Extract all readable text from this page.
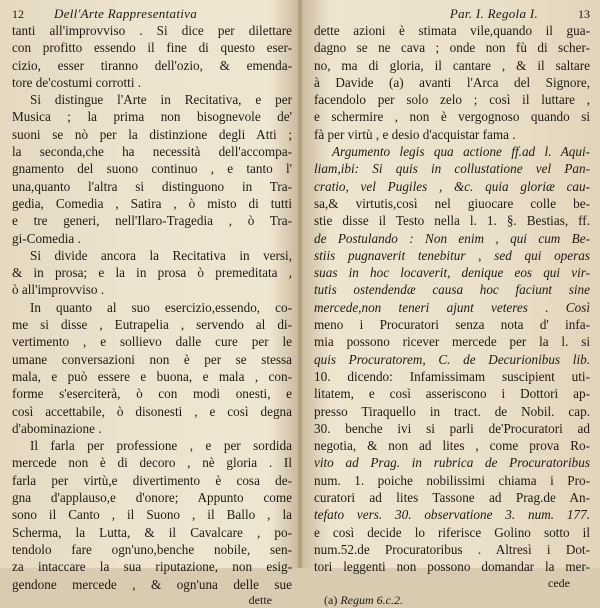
12 Dell'Arte Rappresentativa
tanti all'improvviso . Si dice per dilettare
con profitto essendo il fine di questo eser-
cizio, esser tiranno dell'ozio, & emenda-
tore de'costumi corrotti .
Si distingue l'Arte in Recitativa, e per
Musica ; la prima non bisognevole de'
suoni se nò per la distinzione degli Atti ;
la seconda,che ha necessità dell'accompa-
gnamento del suono continuo , e tanto l'
una,quanto l'altra si distinguono in Tra-
gedia, Comedia , Satira , ò misto di tutti
e tre generi, nell'Ilaro-Tragedia , ò Tra-
gi-Comedia .
Si divide ancora la Recitativa in versi,
& in prosa; e la in prosa ò premeditata ,
ò all'improvviso .
In quanto al suo esercizio,essendo, co-
me si disse , Eutrapelia , servendo al di-
vertimento , e sollievo dalle cure per le
umane conversazioni non è per se stessa
mala, e può essere e buona, e mala , con-
forme s'eserciterà, ò con modi onesti, e
così accettabile, ò disonesti , e così degna
d'abominazione .
Il farla per professione , e per sordida
mercede non è di decoro , nè gloria . Il
farla per virtù,e divertimento è cosa de-
gna d'applauso,e d'onore; Appunto come
sono il Canto , il Suono , il Ballo , la
Scherma, la Lutta, & il Cavalcare , po-
tendolo fare ogn'uno,benche nobile, sen-
za intaccare la sua riputazione, non esig-
gendone mercede , & ogn'una delle sue
dette
Par. I. Regola I.	13
dette azioni è stimata vile,quando il gua-
dagno se ne cava ; onde non fù di scher-
no, ma di gloria, il cantare , & il saltare
à Davide (a) avanti l'Arca del Signore,
facendolo per solo zelo ; così il luttare ,
e schermire , non è vergognoso quando si
fà per virtù , e desio d'acquistar fama .
Argumento legis qua actione ff.ad l. Aqui-
liam,ibi: Si quis in collustatione vel Pan-
cratio, vel Pugiles , &c. quia gloriæ cau-
sa,& virtutis,così nel giuocare colle be-
stie disse il Testo nella l. 1. §. Bestias, ff.
de Postulando : Non enim , qui cum Be-
stiis pugnaverit tenebitur , sed qui operas
suas in hoc locaverit, denique eos qui vir-
tutis ostendendæ causa hoc faciunt sine
mercede,non teneri ajunt veteres . Così
meno i Procuratori senza nota d' infa-
mia possono ricever mercede per la l. si
quis Procuratorem, C. de Decurionibus lib.
10. dicendo: Infamissimam suscipient uti-
litatem, e così asseriscono i Dottori ap-
presso Tiraquello in tract. de Nobil. cap.
30. benche ivi si parli de'Procuratori ad
negotia, & non ad lites , come prova Ro-
vito ad Prag. in rubrica de Procuratoribus
num. 1. poiche nobilissimi chiama i Pro-
curatori ad lites Tassone ad Prag.de An-
tefato vers. 30. observatione 3. num. 177.
e così decide lo riferisce Golino sotto il
num.52.de Procuratoribus . Altresì i Dot-
tori leggenti non possono domandar la mer-
cede
(a) Regum 6.c.2.
